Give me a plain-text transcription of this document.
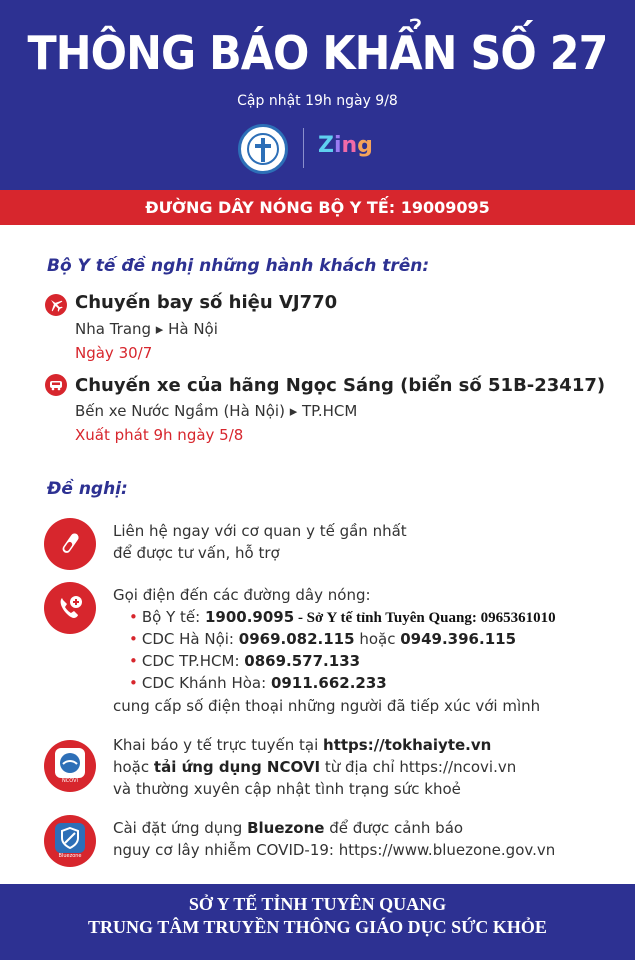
THÔNG BÁO KHẨN SỐ 27
Cập nhật 19h ngày 9/8
Zing
ĐƯỜNG DÂY NÓNG BỘ Y TẾ: 19009095
Bộ Y tế đề nghị những hành khách trên:
Chuyến bay số hiệu VJ770
Nha Trang ▸ Hà Nội
Ngày 30/7
Chuyến xe của hãng Ngọc Sáng (biển số 51B-23417)
Bến xe Nước Ngầm (Hà Nội) ▸ TP.HCM
Xuất phát 9h ngày 5/8
Đề nghị:
Liên hệ ngay với cơ quan y tế gần nhất
để được tư vấn, hỗ trợ
Gọi điện đến các đường dây nóng:
• Bộ Y tế: 1900.9095 - Sở Y tế tỉnh Tuyên Quang: 0965361010
• CDC Hà Nội: 0969.082.115 hoặc 0949.396.115
• CDC TP.HCM: 0869.577.133
• CDC Khánh Hòa: 0911.662.233
cung cấp số điện thoại những người đã tiếp xúc với mình
NCOVI
Khai báo y tế trực tuyến tại https://tokhaiyte.vn
hoặc tải ứng dụng NCOVI từ địa chỉ https://ncovi.vn
và thường xuyên cập nhật tình trạng sức khoẻ
Bluezone
Cài đặt ứng dụng Bluezone để được cảnh báo
nguy cơ lây nhiễm COVID-19: https://www.bluezone.gov.vn
SỞ Y TẾ TỈNH TUYÊN QUANG
TRUNG TÂM TRUYỀN THÔNG GIÁO DỤC SỨC KHỎE
